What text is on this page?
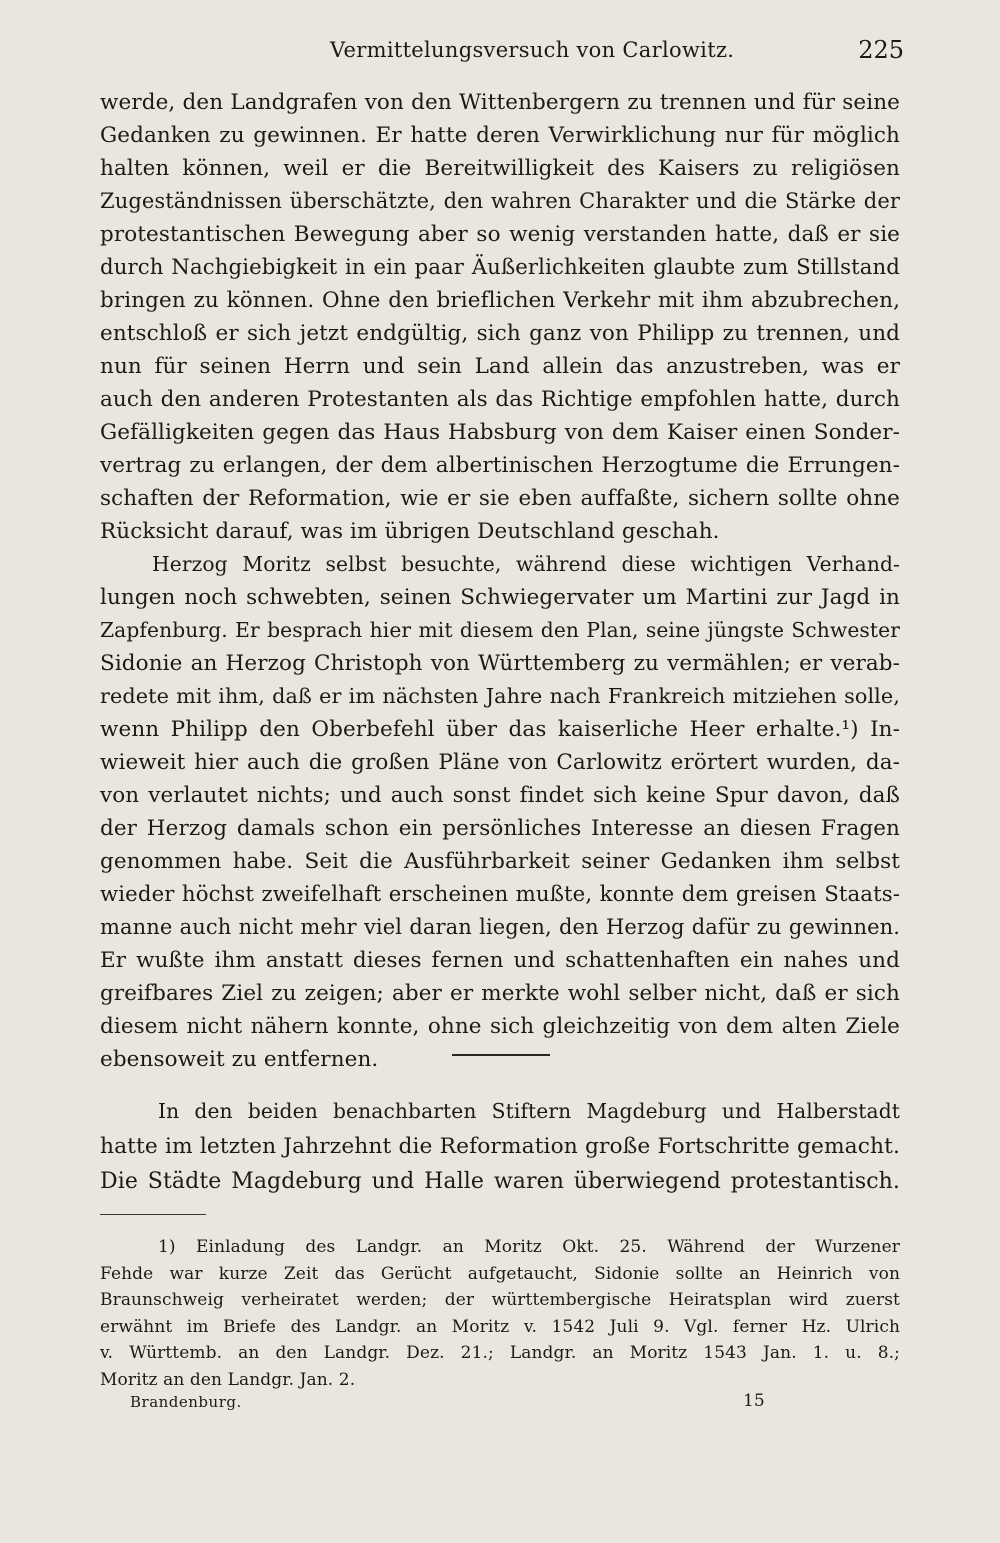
Vermittelungsversuch von Carlowitz.	225
werde, den Landgrafen von den Wittenbergern zu trennen und für seine
Gedanken zu gewinnen. Er hatte deren Verwirklichung nur für möglich
halten können, weil er die Bereitwilligkeit des Kaisers zu religiösen
Zugeständnissen überschätzte, den wahren Charakter und die Stärke der
protestantischen Bewegung aber so wenig verstanden hatte, daß er sie
durch Nachgiebigkeit in ein paar Äußerlichkeiten glaubte zum Stillstand
bringen zu können. Ohne den brieflichen Verkehr mit ihm abzubrechen,
entschloß er sich jetzt endgültig, sich ganz von Philipp zu trennen, und
nun für seinen Herrn und sein Land allein das anzustreben, was er
auch den anderen Protestanten als das Richtige empfohlen hatte, durch
Gefälligkeiten gegen das Haus Habsburg von dem Kaiser einen Sonder-
vertrag zu erlangen, der dem albertinischen Herzogtume die Errungen-
schaften der Reformation, wie er sie eben auffaßte, sichern sollte ohne
Rücksicht darauf, was im übrigen Deutschland geschah.
Herzog Moritz selbst besuchte, während diese wichtigen Verhand-
lungen noch schwebten, seinen Schwiegervater um Martini zur Jagd in
Zapfenburg. Er besprach hier mit diesem den Plan, seine jüngste Schwester
Sidonie an Herzog Christoph von Württemberg zu vermählen; er verab-
redete mit ihm, daß er im nächsten Jahre nach Frankreich mitziehen solle,
wenn Philipp den Oberbefehl über das kaiserliche Heer erhalte.¹) In-
wieweit hier auch die großen Pläne von Carlowitz erörtert wurden, da-
von verlautet nichts; und auch sonst findet sich keine Spur davon, daß
der Herzog damals schon ein persönliches Interesse an diesen Fragen
genommen habe. Seit die Ausführbarkeit seiner Gedanken ihm selbst
wieder höchst zweifelhaft erscheinen mußte, konnte dem greisen Staats-
manne auch nicht mehr viel daran liegen, den Herzog dafür zu gewinnen.
Er wußte ihm anstatt dieses fernen und schattenhaften ein nahes und
greifbares Ziel zu zeigen; aber er merkte wohl selber nicht, daß er sich
diesem nicht nähern konnte, ohne sich gleichzeitig von dem alten Ziele
ebensoweit zu entfernen.
In den beiden benachbarten Stiftern Magdeburg und Halberstadt
hatte im letzten Jahrzehnt die Reformation große Fortschritte gemacht.
Die Städte Magdeburg und Halle waren überwiegend protestantisch.
1) Einladung des Landgr. an Moritz Okt. 25. Während der Wurzener
Fehde war kurze Zeit das Gerücht aufgetaucht, Sidonie sollte an Heinrich von
Braunschweig verheiratet werden; der württembergische Heiratsplan wird zuerst
erwähnt im Briefe des Landgr. an Moritz v. 1542 Juli 9. Vgl. ferner Hz. Ulrich
v. Württemb. an den Landgr. Dez. 21.; Landgr. an Moritz 1543 Jan. 1. u. 8.;
Moritz an den Landgr. Jan. 2.
Brandenburg.	15
